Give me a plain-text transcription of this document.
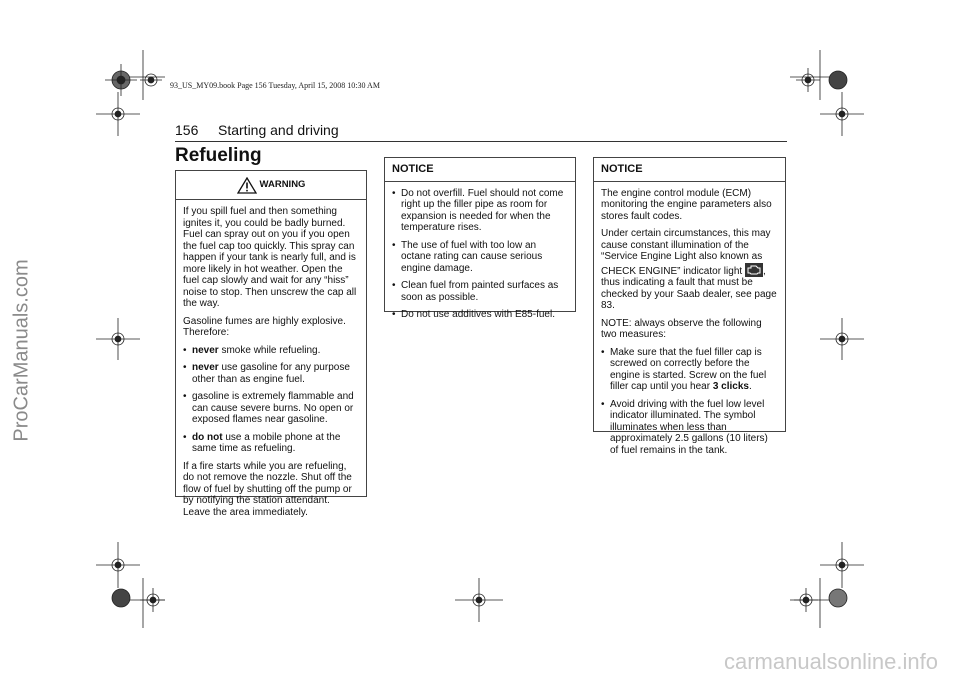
ProCarManuals.com
carmanualsonline.info
93_US_MY09.book Page 156 Tuesday, April 15, 2008 10:30 AM
156 Starting and driving
Refueling
WARNING

If you spill fuel and then something ignites it, you could be badly burned. Fuel can spray out on you if you open the fuel cap too quickly. This spray can happen if your tank is nearly full, and is more likely in hot weather. Open the fuel cap slowly and wait for any “hiss” noise to stop. Then unscrew the cap all the way.

Gasoline fumes are highly explosive. Therefore:

• never smoke while refueling.
• never use gasoline for any purpose other than as engine fuel.
• gasoline is extremely flammable and can cause severe burns. No open or exposed flames near gasoline.
• do not use a mobile phone at the same time as refueling.

If a fire starts while you are refueling, do not remove the nozzle. Shut off the flow of fuel by shutting off the pump or by notifying the station attendant. Leave the area immediately.

NOTICE
• Do not overfill. Fuel should not come right up the filler pipe as room for expansion is needed for when the temperature rises.
• The use of fuel with too low an octane rating can cause serious engine damage.
• Clean fuel from painted surfaces as soon as possible.
• Do not use additives with E85-fuel.
NOTICE

The engine control module (ECM) monitoring the engine parameters also stores fault codes.

Under certain circumstances, this may cause constant illumination of the “Service Engine Light also known as CHECK ENGINE” indicator light , thus indicating a fault that must be checked by your Saab dealer, see page 83.

NOTE: always observe the following two measures:

• Make sure that the fuel filler cap is screwed on correctly before the engine is started. Screw on the fuel filler cap until you hear 3 clicks.
• Avoid driving with the fuel low level indicator illuminated. The symbol illuminates when less than approximately 2.5 gallons (10 liters) of fuel remains in the tank.
